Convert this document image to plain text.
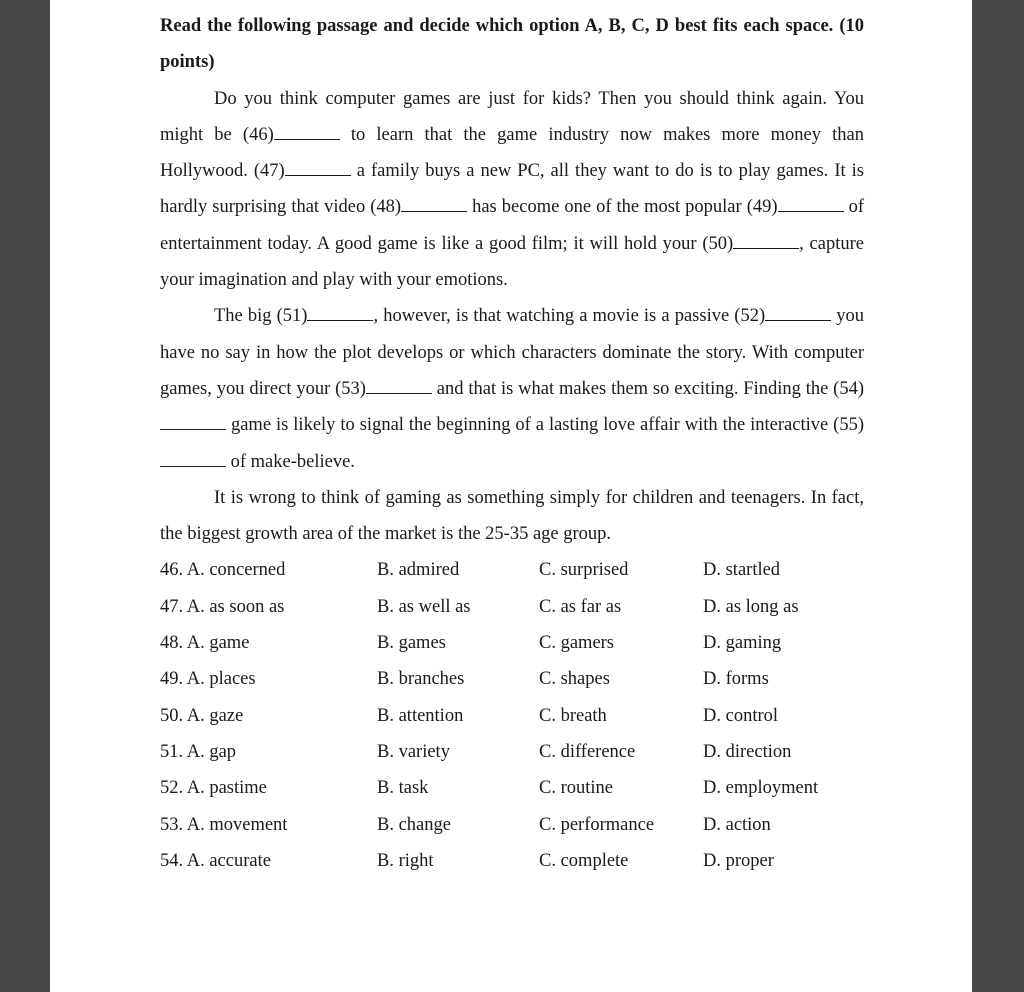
Read the following passage and decide which option A, B, C, D best fits each space. (10 points)

Do you think computer games are just for kids? Then you should think again. You might be (46)	to learn that the game industry now makes more money than Hollywood. (47)	a family buys a new PC, all they want to do is to play games. It is hardly surprising that video (48)	has become one of the most popular (49)	of entertainment today. A good game is like a good film; it will hold your (50)	, capture your imagination and play with your emotions.

The big (51)	, however, is that watching a movie is a passive (52)	you have no say in how the plot develops or which characters dominate the story. With computer games, you direct your (53)	and that is what makes them so exciting. Finding the (54) game is likely to signal the beginning of a lasting love affair with the interactive (55) of make-believe.

It is wrong to think of gaming as something simply for children and teenagers. In fact, the biggest growth area of the market is the 25-35 age group.

46. A. concerned	B. admired	C. surprised	D. startled
47. A. as soon as	B. as well as	C. as far as	D. as long as
48. A. game	B. games	C. gamers	D. gaming
49. A. places	B. branches	C. shapes	D. forms
50. A. gaze	B. attention	C. breath	D. control
51. A. gap	B. variety	C. difference	D. direction
52. A. pastime	B. task	C. routine	D. employment
53. A. movement	B. change	C. performance	D. action
54. A. accurate	B. right	C. complete	D. proper
